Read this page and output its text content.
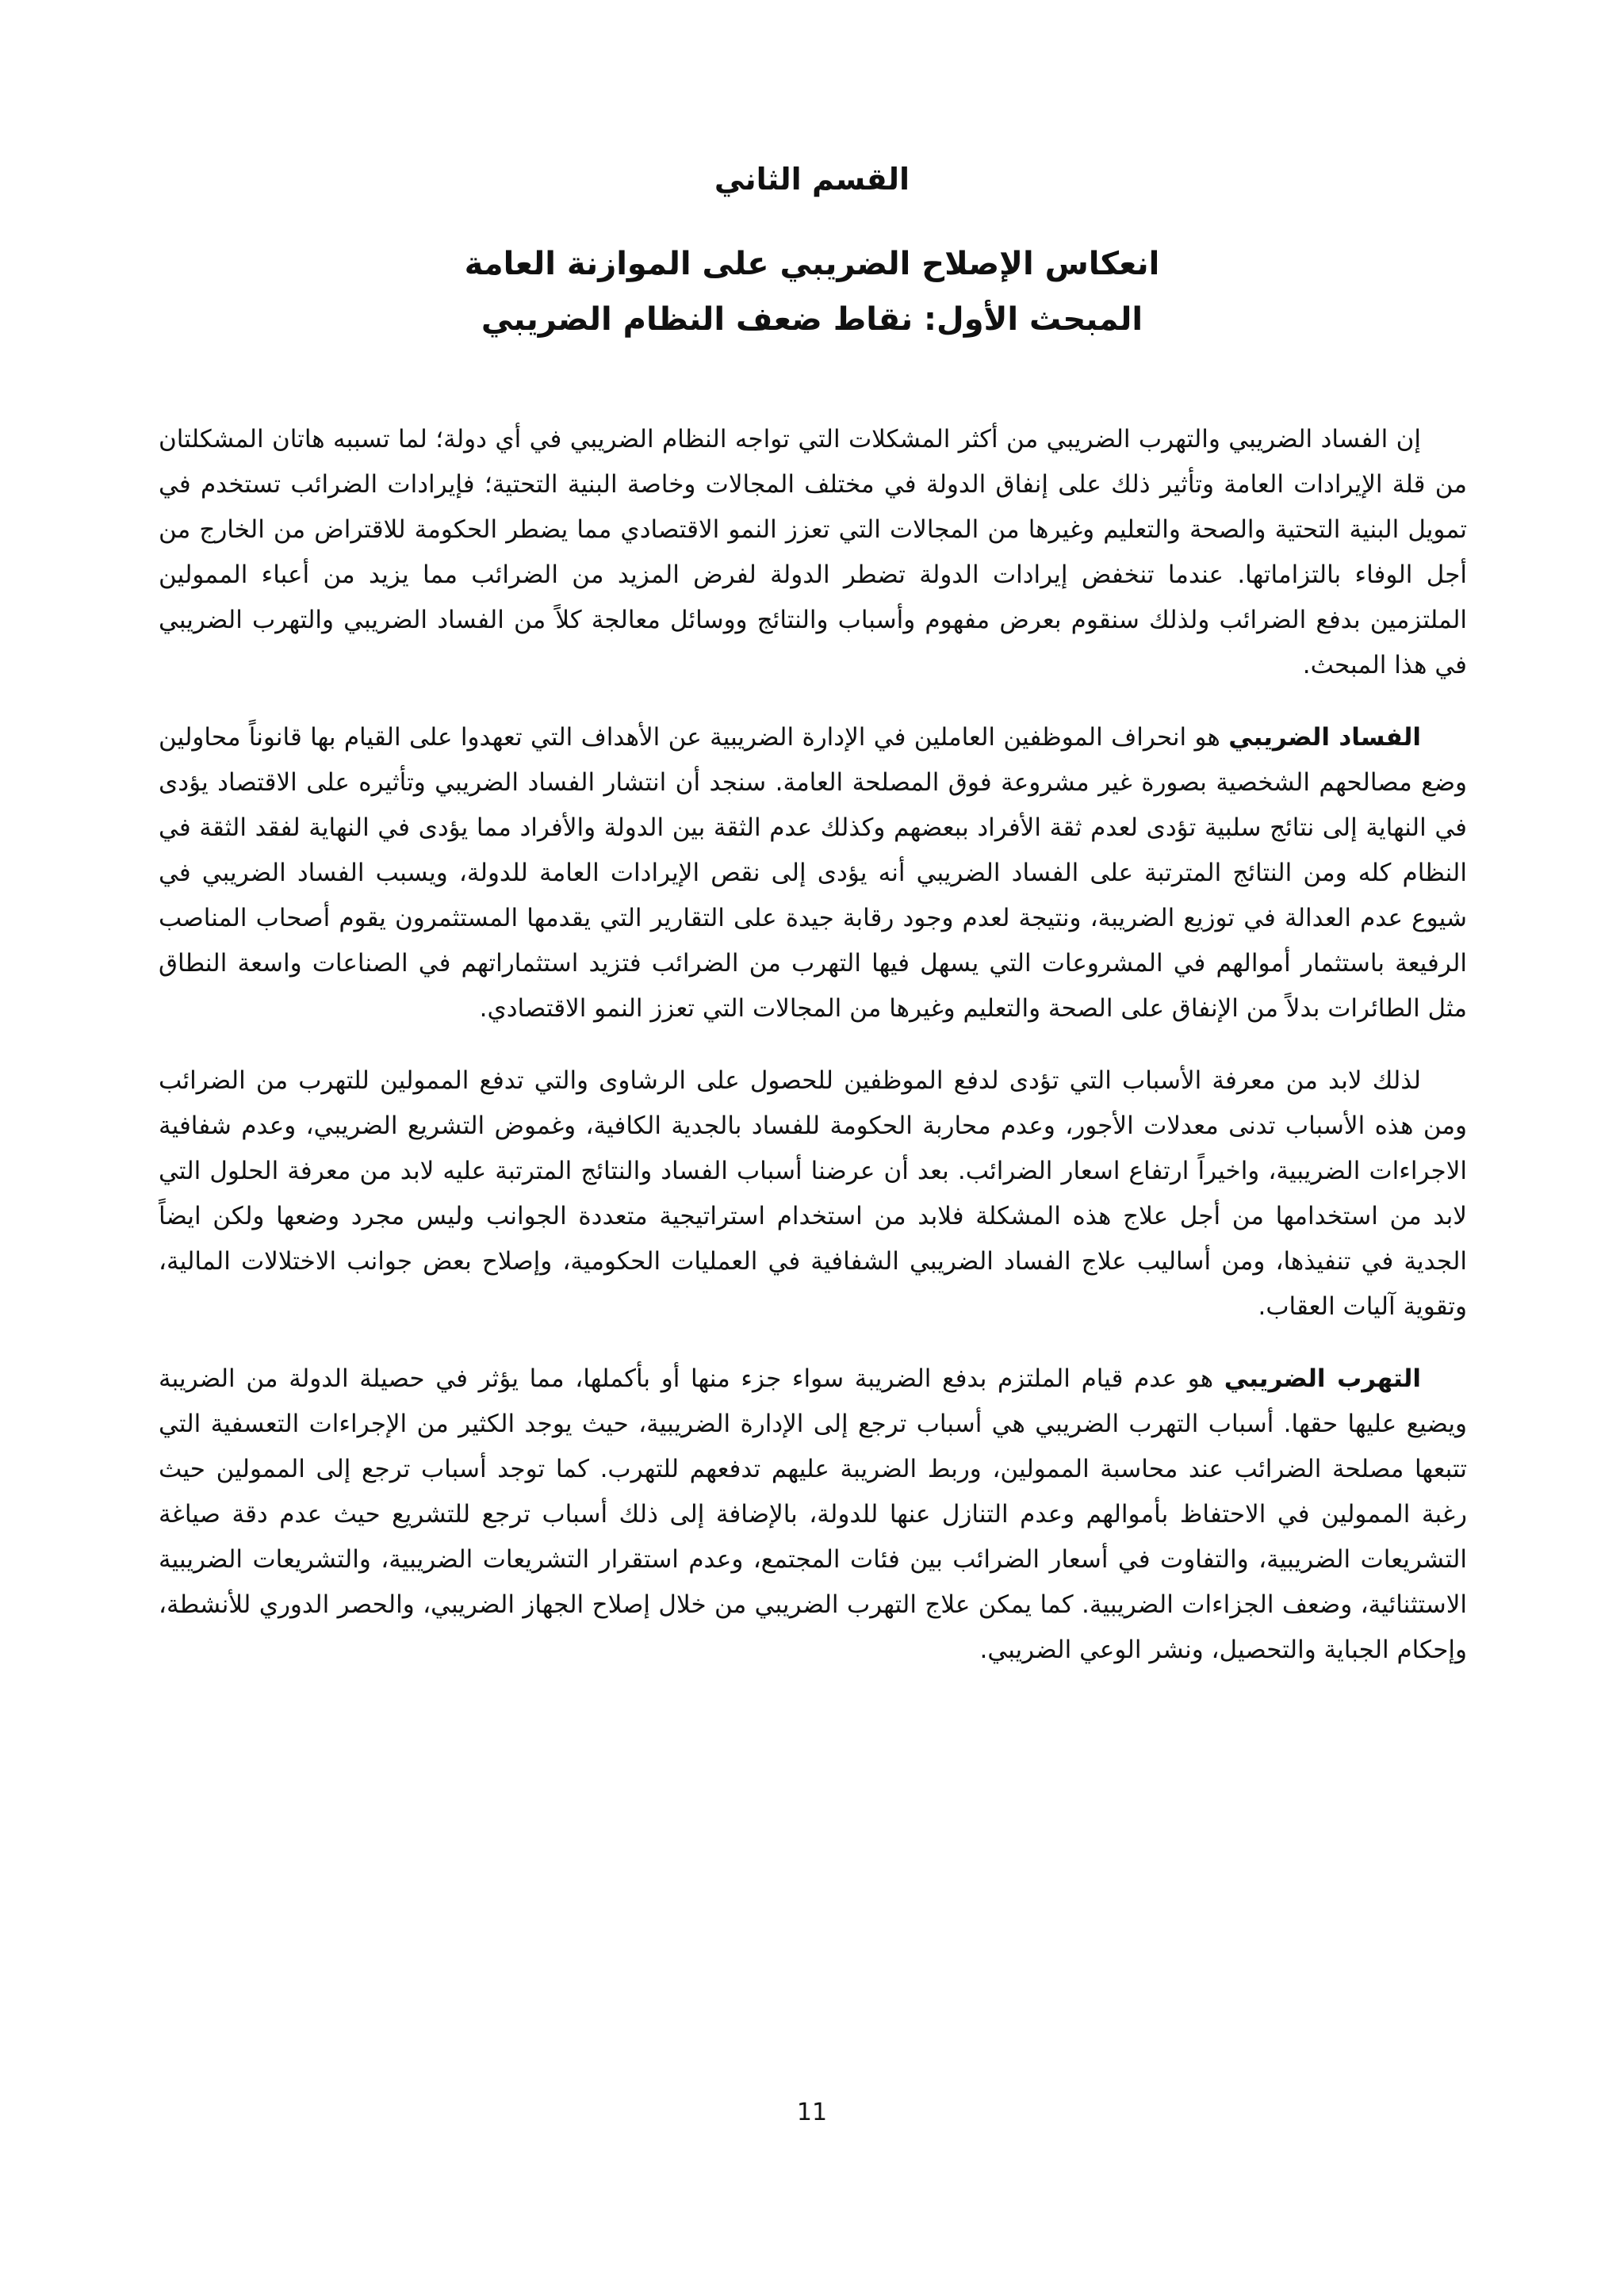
القسم الثاني
انعكاس الإصلاح الضريبي على الموازنة العامة
المبحث الأول: نقاط ضعف النظام الضريبي

إن الفساد الضريبي والتهرب الضريبي من أكثر المشكلات التي تواجه النظام الضريبي في أي دولة؛ لما تسببه هاتان المشكلتان من قلة الإيرادات العامة وتأثير ذلك على إنفاق الدولة في مختلف المجالات وخاصة البنية التحتية؛ فإيرادات الضرائب تستخدم في تمويل البنية التحتية والصحة والتعليم وغيرها من المجالات التي تعزز النمو الاقتصادي مما يضطر الحكومة للاقتراض من الخارج من أجل الوفاء بالتزاماتها. عندما تنخفض إيرادات الدولة تضطر الدولة لفرض المزيد من الضرائب مما يزيد من أعباء الممولين الملتزمين بدفع الضرائب ولذلك سنقوم بعرض مفهوم وأسباب والنتائج ووسائل معالجة كلاً من الفساد الضريبي والتهرب الضريبي في هذا المبحث.

الفساد الضريبي هو انحراف الموظفين العاملين في الإدارة الضريبية عن الأهداف التي تعهدوا على القيام بها قانوناً محاولين وضع مصالحهم الشخصية بصورة غير مشروعة فوق المصلحة العامة. سنجد أن انتشار الفساد الضريبي وتأثيره على الاقتصاد يؤدى في النهاية إلى نتائج سلبية تؤدى لعدم ثقة الأفراد ببعضهم وكذلك عدم الثقة بين الدولة والأفراد مما يؤدى في النهاية لفقد الثقة في النظام كله ومن النتائج المترتبة على الفساد الضريبي أنه يؤدى إلى نقص الإيرادات العامة للدولة، ويسبب الفساد الضريبي في شيوع عدم العدالة في توزيع الضريبة، ونتيجة لعدم وجود رقابة جيدة على التقارير التي يقدمها المستثمرون يقوم أصحاب المناصب الرفيعة باستثمار أموالهم في المشروعات التي يسهل فيها التهرب من الضرائب فتزيد استثماراتهم في الصناعات واسعة النطاق مثل الطائرات بدلاً من الإنفاق على الصحة والتعليم وغيرها من المجالات التي تعزز النمو الاقتصادي.

لذلك لابد من معرفة الأسباب التي تؤدى لدفع الموظفين للحصول على الرشاوى والتي تدفع الممولين للتهرب من الضرائب ومن هذه الأسباب تدنى معدلات الأجور، وعدم محاربة الحكومة للفساد بالجدية الكافية، وغموض التشريع الضريبي، وعدم شفافية الاجراءات الضريبية، واخيراً ارتفاع اسعار الضرائب. بعد أن عرضنا أسباب الفساد والنتائج المترتبة عليه لابد من معرفة الحلول التي لابد من استخدامها من أجل علاج هذه المشكلة فلابد من استخدام استراتيجية متعددة الجوانب وليس مجرد وضعها ولكن ايضاً الجدية في تنفيذها، ومن أساليب علاج الفساد الضريبي الشفافية في العمليات الحكومية، وإصلاح بعض جوانب الاختلالات المالية، وتقوية آليات العقاب.

التهرب الضريبي هو عدم قيام الملتزم بدفع الضريبة سواء جزء منها أو بأكملها، مما يؤثر في حصيلة الدولة من الضريبة ويضيع عليها حقها. أسباب التهرب الضريبي هي أسباب ترجع إلى الإدارة الضريبية، حيث يوجد الكثير من الإجراءات التعسفية التي تتبعها مصلحة الضرائب عند محاسبة الممولين، وربط الضريبة عليهم تدفعهم للتهرب. كما توجد أسباب ترجع إلى الممولين حيث رغبة الممولين في الاحتفاظ بأموالهم وعدم التنازل عنها للدولة، بالإضافة إلى ذلك أسباب ترجع للتشريع حيث عدم دقة صياغة التشريعات الضريبية، والتفاوت في أسعار الضرائب بين فئات المجتمع، وعدم استقرار التشريعات الضريبية، والتشريعات الضريبية الاستثنائية، وضعف الجزاءات الضريبية. كما يمكن علاج التهرب الضريبي من خلال إصلاح الجهاز الضريبي، والحصر الدوري للأنشطة، وإحكام الجباية والتحصيل، ونشر الوعي الضريبي.

11
